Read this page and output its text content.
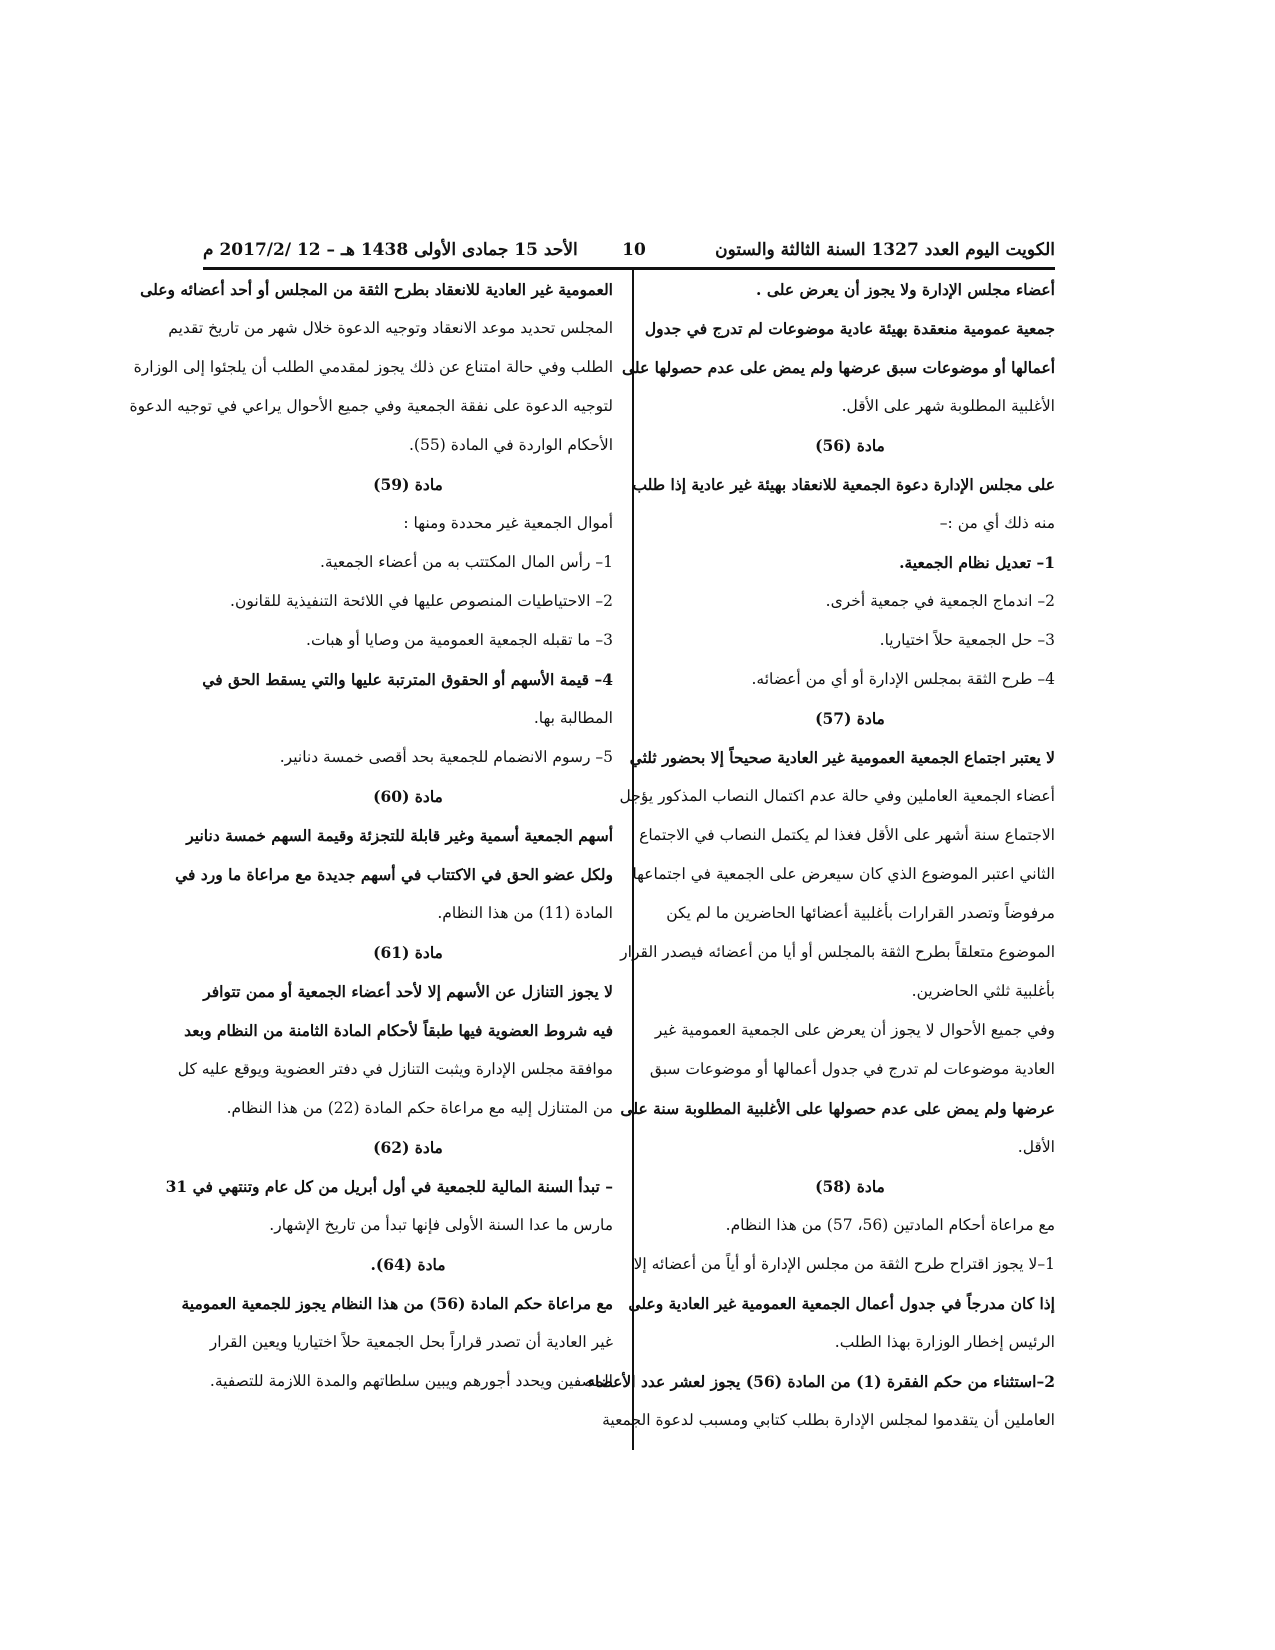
الكويت اليوم العدد 1327 السنة الثالثة والستون
10
الأحد 15 جمادى الأولى 1438 هـ – 12 /2017/2 م
أعضاء مجلس الإدارة ولا يجوز أن يعرض على .
جمعية عمومية منعقدة بهيئة عادية موضوعات لم تدرج في جدول
أعمالها أو موضوعات سبق عرضها ولم يمض على عدم حصولها على
الأغلبية المطلوبة شهر على الأقل.
مادة (56)
على مجلس الإدارة دعوة الجمعية للانعقاد بهيئة غير عادية إذا طلب
منه ذلك أي من :–
1– تعديل نظام الجمعية.
2– اندماج الجمعية في جمعية أخرى.
3– حل الجمعية حلاً اختياريا.
4– طرح الثقة بمجلس الإدارة أو أي من أعضائه.
مادة (57)
لا يعتبر اجتماع الجمعية العمومية غير العادية صحيحاً إلا بحضور ثلثي
أعضاء الجمعية العاملين وفي حالة عدم اكتمال النصاب المذكور يؤجل
الاجتماع سنة أشهر على الأقل فغذا لم يكتمل النصاب في الاجتماع
الثاني اعتبر الموضوع الذي كان سيعرض على الجمعية في اجتماعها
مرفوضاً وتصدر القرارات بأغلبية أعضائها الحاضرين ما لم يكن
الموضوع متعلقاً بطرح الثقة بالمجلس أو أيا من أعضائه فيصدر القرار
بأغلبية ثلثي الحاضرين.
وفي جميع الأحوال لا يجوز أن يعرض على الجمعية العمومية غير
العادية موضوعات لم تدرج في جدول أعمالها أو موضوعات سبق
عرضها ولم يمض على عدم حصولها على الأغلبية المطلوبة سنة على
الأقل.
مادة (58)
مع مراعاة أحكام المادتين (56، 57) من هذا النظام.
1–لا يجوز اقتراح طرح الثقة من مجلس الإدارة أو أياً من أعضائه إلا
إذا كان مدرجاً في جدول أعمال الجمعية العمومية غير العادية وعلى
الرئيس إخطار الوزارة بهذا الطلب.
2–استثناء من حكم الفقرة (1) من المادة (56) يجوز لعشر عدد الأعضاء
العاملين أن يتقدموا لمجلس الإدارة بطلب كتابي ومسبب لدعوة الجمعية
العمومية غير العادية للانعقاد بطرح الثقة من المجلس أو أحد أعضائه وعلى
المجلس تحديد موعد الانعقاد وتوجيه الدعوة خلال شهر من تاريخ تقديم
الطلب وفي حالة امتناع عن ذلك يجوز لمقدمي الطلب أن يلجئوا إلى الوزارة
لتوجيه الدعوة على نفقة الجمعية وفي جميع الأحوال يراعي في توجيه الدعوة
الأحكام الواردة في المادة (55).
مادة (59)
أموال الجمعية غير محددة ومنها :
1– رأس المال المكتتب به من أعضاء الجمعية.
2– الاحتياطيات المنصوص عليها في اللائحة التنفيذية للقانون.
3– ما تقبله الجمعية العمومية من وصايا أو هبات.
4– قيمة الأسهم أو الحقوق المترتبة عليها والتي يسقط الحق في
المطالبة بها.
5– رسوم الانضمام للجمعية بحد أقصى خمسة دنانير.
مادة (60)
أسهم الجمعية أسمية وغير قابلة للتجزئة وقيمة السهم خمسة دنانير
ولكل عضو الحق في الاكتتاب في أسهم جديدة مع مراعاة ما ورد في
المادة (11) من هذا النظام.
مادة (61)
لا يجوز التنازل عن الأسهم إلا لأحد أعضاء الجمعية أو ممن تتوافر
فيه شروط العضوية فيها طبقاً لأحكام المادة الثامنة من النظام وبعد
موافقة مجلس الإدارة ويثبت التنازل في دفتر العضوية ويوقع عليه كل
من المتنازل إليه مع مراعاة حكم المادة (22) من هذا النظام.
مادة (62)
– تبدأ السنة المالية للجمعية في أول أبريل من كل عام وتنتهي في 31
مارس ما عدا السنة الأولى فإنها تبدأ من تاريخ الإشهار.
مادة (64).
مع مراعاة حكم المادة (56) من هذا النظام يجوز للجمعية العمومية
غير العادية أن تصدر قراراً بحل الجمعية حلاً اختياريا ويعين القرار
المصفين ويحدد أجورهم ويبين سلطاتهم والمدة اللازمة للتصفية.
